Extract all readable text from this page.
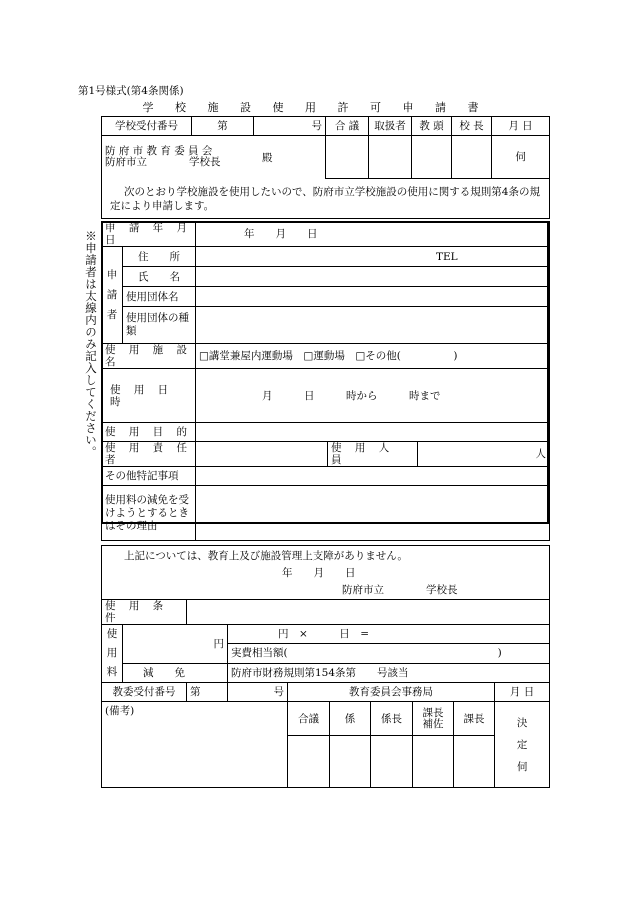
第1号様式(第4条関係)
学 校 施 設 使 用 許 可 申 請 書
※申請者は太線内のみ記入してください。
学校受付番号	第	号	合 議	取扱者	教 頭	校 長	月 日

防 府 市 教 育 委 員 会
防府市立　　　　学校長 殿							伺
次のとおり学校施設を使用したいので、防府市立学校施設の使用に関する規則第4条の規定により申請します。							
申 請 年 月 日		年　　月　　日		

申請者	住　　所	TEL		
	氏　　名			
	使用団体名			

	使用団体の種類			

使 用 施 設 名		□講堂兼屋内運動場　□運動場　□その他(　　　　　)		
使 用 日 時		月　　　日　　　時から　　　時まで		
使 用 目 的				
使 用 責 任 者			使 用 人 員	人
その他特記事項				

使用料の減免を受けようとするときはその理由				

上記については、教育上及び施設管理上支障がありません。
年　　月　　日
防府市立　　　　学校長									

使 用 条 件									

使用料	円		円　×　　　日　=						
			実費相当額(　　　　　　　　　　　　　　　　　　　　)						
	減　　免		防府市財務規則第154条第　　号該当						
教委受付番号		第	号	教育委員会事務局					月 日
(備考)				合議	係	係長	課長補佐	課長	決定伺
